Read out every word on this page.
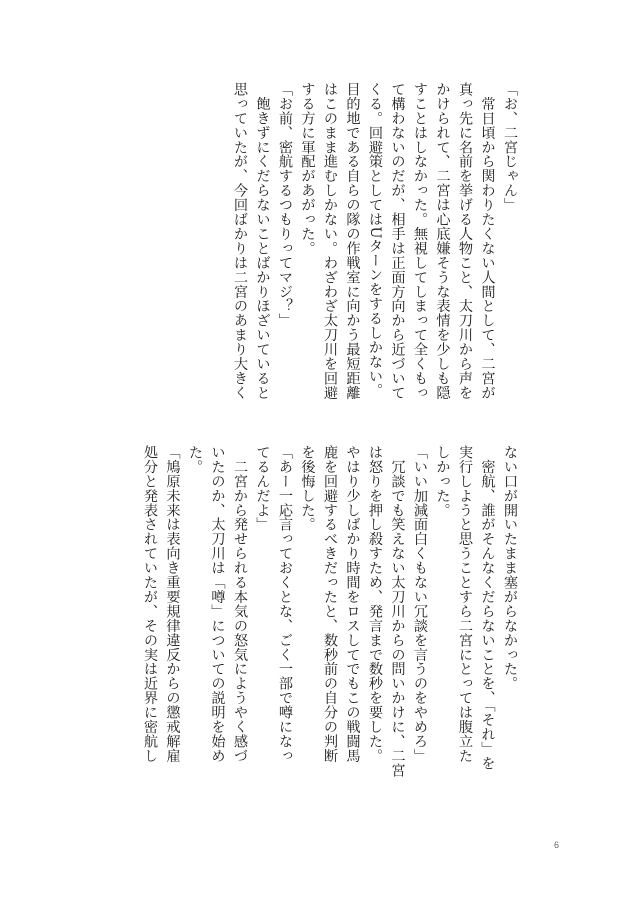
「お、二宮じゃん」

　常日頃から関わりたくない人間として、二宮が

真っ先に名前を挙げる人物こと、太刀川から声を

かけられて、二宮は心底嫌そうな表情を少しも隠

すことはしなかった。無視してしまって全くもっ

て構わないのだが、相手は正面方向から近づいて

くる。回避策としてはUターンをするしかない。

目的地である自らの隊の作戦室に向かう最短距離

はこのまま進むしかない。わざわざ太刀川を回避

する方に軍配があがった。

「お前、密航するつもりってマジ？」

　飽きずにくだらないことばかりほざいていると

思っていたが、今回ばかりは二宮のあまり大きく

ない口が開いたまま塞がらなかった。

　密航、誰がそんなくだらないことを、「それ」を

実行しようと思うことすら二宮にとっては腹立た

しかった。

「いい加減面白くもない冗談を言うのをやめろ」

　冗談でも笑えない太刀川からの問いかけに、二宮

は怒りを押し殺すため、発言まで数秒を要した。

やはり少しばかり時間をロスしてでもこの戦闘馬

鹿を回避するべきだったと、数秒前の自分の判断

を後悔した。

「あー一応言っておくとな、ごく一部で噂になっ

てるんだよ」

　二宮から発せられる本気の怒気にようやく感づ

いたのか、太刀川は「噂」についての説明を始め

た。

「鳩原未来は表向き重要規律違反からの懲戒解雇

処分と発表されていたが、その実は近界に密航し

6
